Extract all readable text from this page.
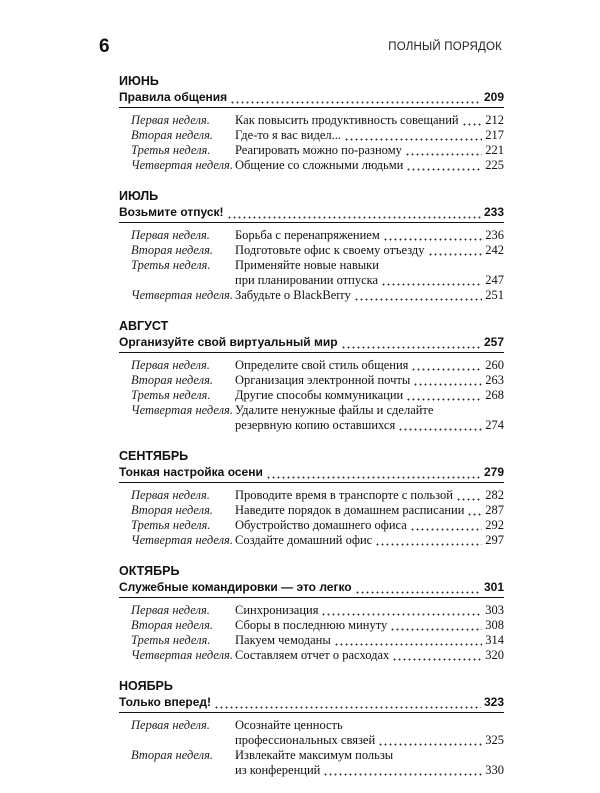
6	ПОЛНЫЙ ПОРЯДОК
ИЮНЬ
Правила общения	209
Первая неделя.	Как повысить продуктивность совещаний 212
Вторая неделя.	Где-то я вас видел...	217
Третья неделя.	Реагировать можно по-разному	221
Четвертая неделя. Общение со сложными людьми	225
ИЮЛЬ
Возьмите отпуск!	233
Первая неделя.	Борьба с перенапряжением	236
Вторая неделя.	Подготовьте офис к своему отъезду	242
Третья неделя.	Применяйте новые навыки
при планировании отпуска	247
Четвертая неделя. Забудьте о BlackBerry	251
АВГУСТ
Организуйте свой виртуальный мир	257
Первая неделя.	Определите свой стиль общения	260
Вторая неделя.	Организация электронной почты	263
Третья неделя.	Другие способы коммуникации	268
Четвертая неделя. Удалите ненужные файлы и сделайте
резервную копию оставшихся	274
СЕНТЯБРЬ
Тонкая настройка осени	279
Первая неделя.	Проводите время в транспорте с пользой	282
Вторая неделя.	Наведите порядок в домашнем расписании 287
Третья неделя.	Обустройство домашнего офиса	292
Четвертая неделя. Создайте домашний офис	297
ОКТЯБРЬ
Служебные командировки — это легко	301
Первая неделя.	Синхронизация	303
Вторая неделя.	Сборы в последнюю минуту	308
Третья неделя.	Пакуем чемоданы	314
Четвертая неделя. Составляем отчет о расходах	320
НОЯБРЬ
Только вперед!	323
Первая неделя.	Осознайте ценность
профессиональных связей	325
Вторая неделя.	Извлекайте максимум пользы
из конференций	330
